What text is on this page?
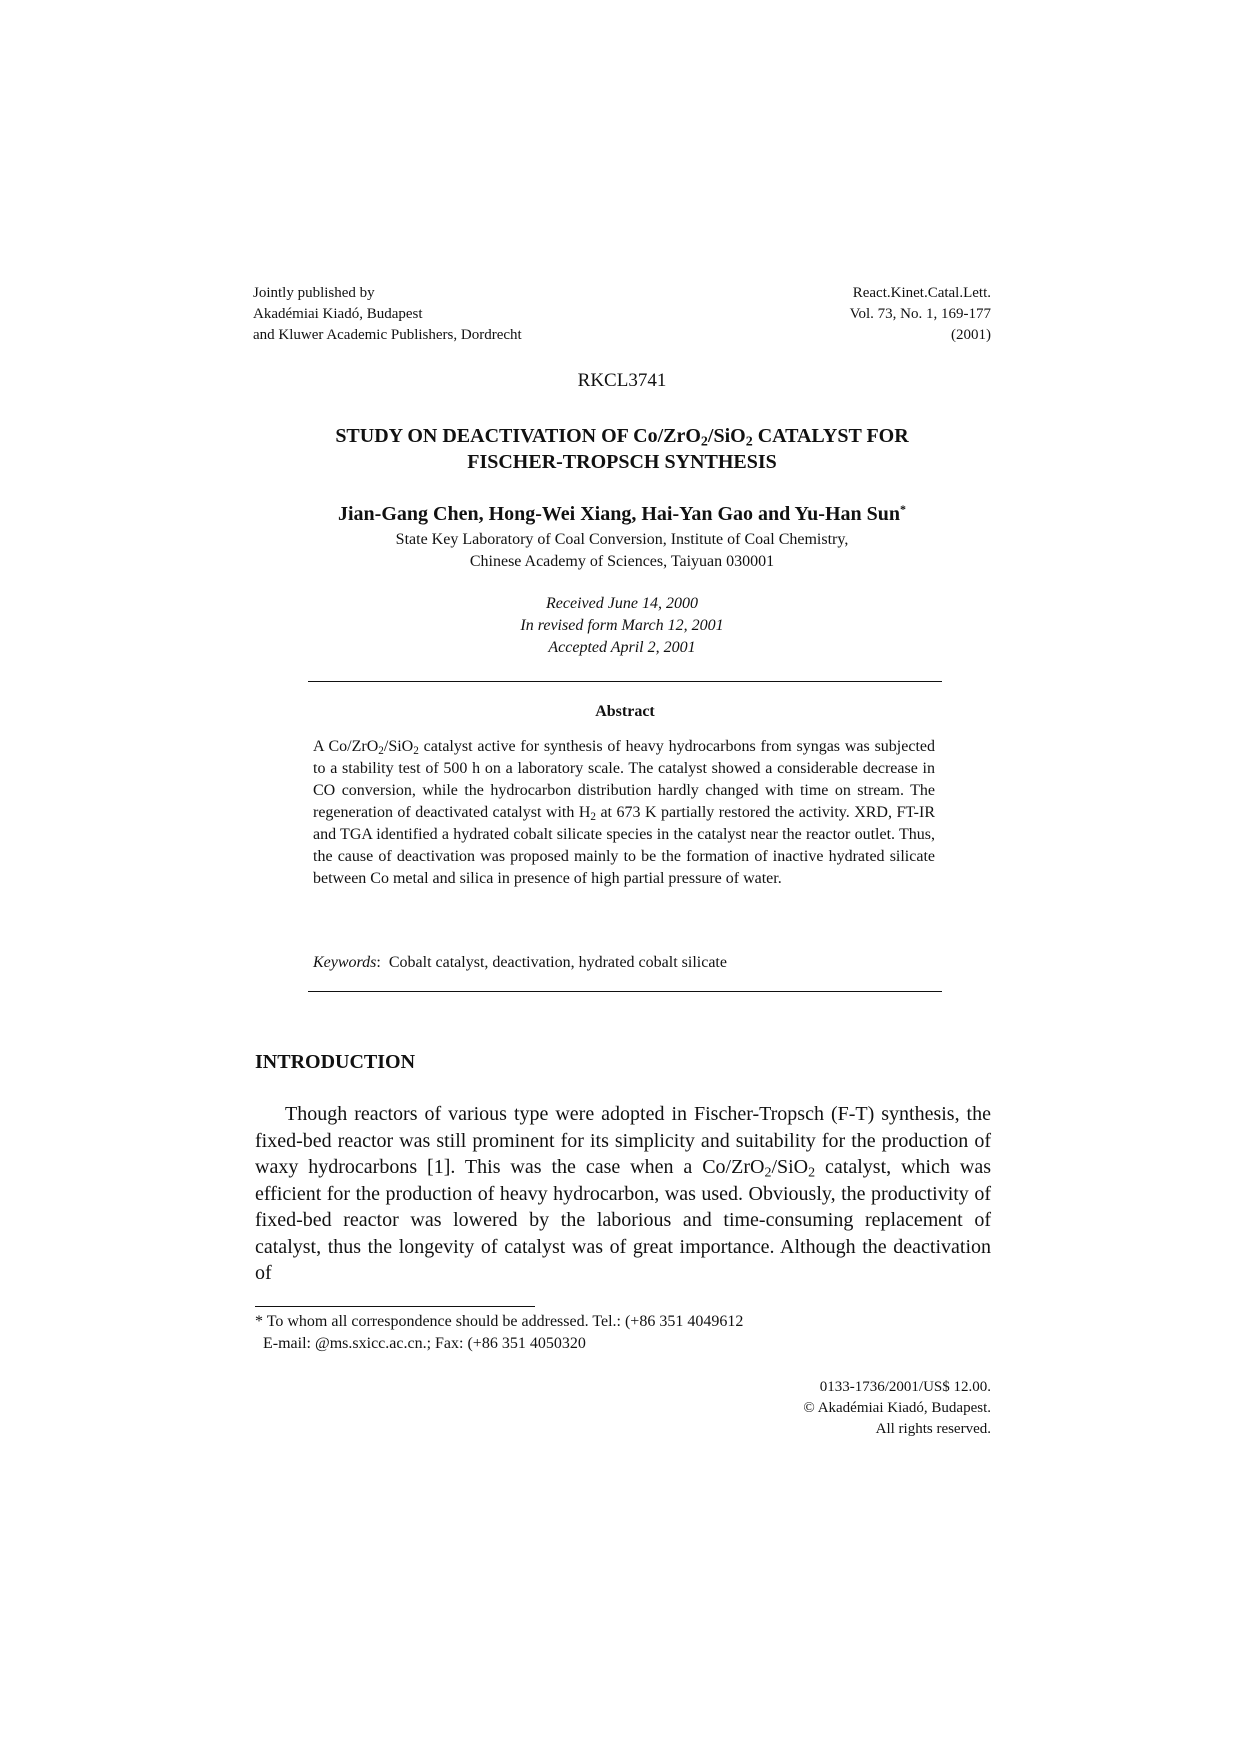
Jointly published by
Akadémiai Kiadó, Budapest
and Kluwer Academic Publishers, Dordrecht
React.Kinet.Catal.Lett.
Vol. 73, No. 1, 169-177
(2001)
RKCL3741
STUDY ON DEACTIVATION OF Co/ZrO$_2$/SiO$_2$ CATALYST FOR
FISCHER-TROPSCH SYNTHESIS
Jian-Gang Chen, Hong-Wei Xiang, Hai-Yan Gao and Yu-Han Sun*
State Key Laboratory of Coal Conversion, Institute of Coal Chemistry,
Chinese Academy of Sciences, Taiyuan 030001
Received June 14, 2000
In revised form March 12, 2001
Accepted April 2, 2001
Abstract

A Co/ZrO$_2$/SiO$_2$ catalyst active for synthesis of heavy hydrocarbons from syngas was subjected to a stability test of 500 h on a laboratory scale. The catalyst showed a considerable decrease in CO conversion, while the hydrocarbon distribution hardly changed with time on stream. The regeneration of deactivated catalyst with $H_2$ at 673 K partially restored the activity. XRD, FT-IR and TGA identified a hydrated cobalt silicate species in the catalyst near the reactor outlet. Thus, the cause of deactivation was proposed mainly to be the formation of inactive hydrated silicate between Co metal and silica in presence of high partial pressure of water.

Keywords:  Cobalt catalyst, deactivation, hydrated cobalt silicate
INTRODUCTION

Though reactors of various type were adopted in Fischer-Tropsch (F-T) synthesis, the fixed-bed reactor was still prominent for its simplicity and suitability for the production of waxy hydrocarbons [1]. This was the case when a Co/ZrO$_2$/SiO$_2$ catalyst, which was efficient for the production of heavy hydrocarbon, was used. Obviously, the productivity of fixed-bed reactor was lowered by the laborious and time-consuming replacement of catalyst, thus the longevity of catalyst was of great importance. Although the deactivation of

* To whom all correspondence should be addressed. Tel.: (+86 351 4049612
E-mail: @ms.sxicc.ac.cn.; Fax: (+86 351 4050320
0133-1736/2001/US$ 12.00.
© Akadémiai Kiadó, Budapest.
All rights reserved.
